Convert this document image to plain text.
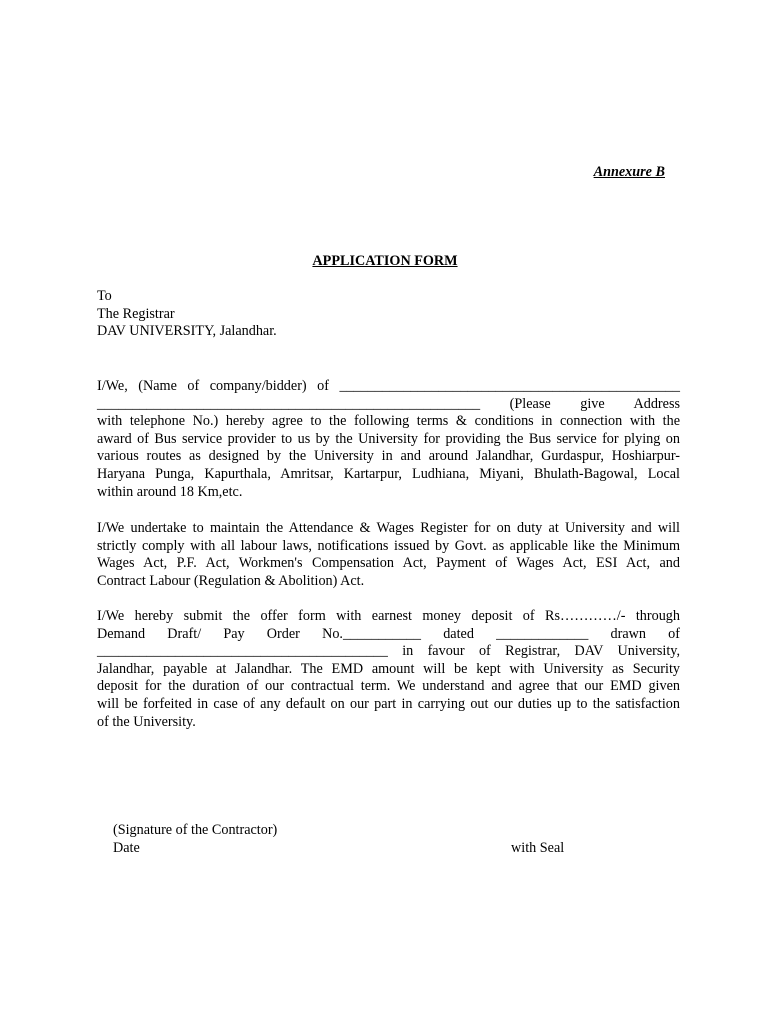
Annexure B
APPLICATION FORM
To
The Registrar
DAV UNIVERSITY, Jalandhar.
I/We, (Name of company/bidder) of ________________________________________________
______________________________________________________ (Please give Address
with telephone No.) hereby agree to the following terms & conditions in connection with the
award of Bus service provider to us by the University for providing the Bus service for plying on
various routes as designed by the University in and around Jalandhar, Gurdaspur, Hoshiarpur-
Haryana Punga, Kapurthala, Amritsar, Kartarpur, Ludhiana, Miyani, Bhulath-Bagowal, Local
within around 18 Km,etc.
I/We undertake to maintain the Attendance & Wages Register for on duty at University and will
strictly comply with all labour laws, notifications issued by Govt. as applicable like the Minimum
Wages Act, P.F. Act, Workmen's Compensation Act, Payment of Wages Act, ESI Act, and
Contract Labour (Regulation & Abolition) Act.
I/We hereby submit the offer form with earnest money deposit of Rs…………/- through
Demand Draft/ Pay Order No.___________ dated _____________ drawn of
_________________________________________ in favour of Registrar, DAV University,
Jalandhar, payable at Jalandhar. The EMD amount will be kept with University as Security
deposit for the duration of our contractual term. We understand and agree that our EMD given
will be forfeited in case of any default on our part in carrying out our duties up to the satisfaction
of the University.
(Signature of the Contractor)
Date	with Seal
